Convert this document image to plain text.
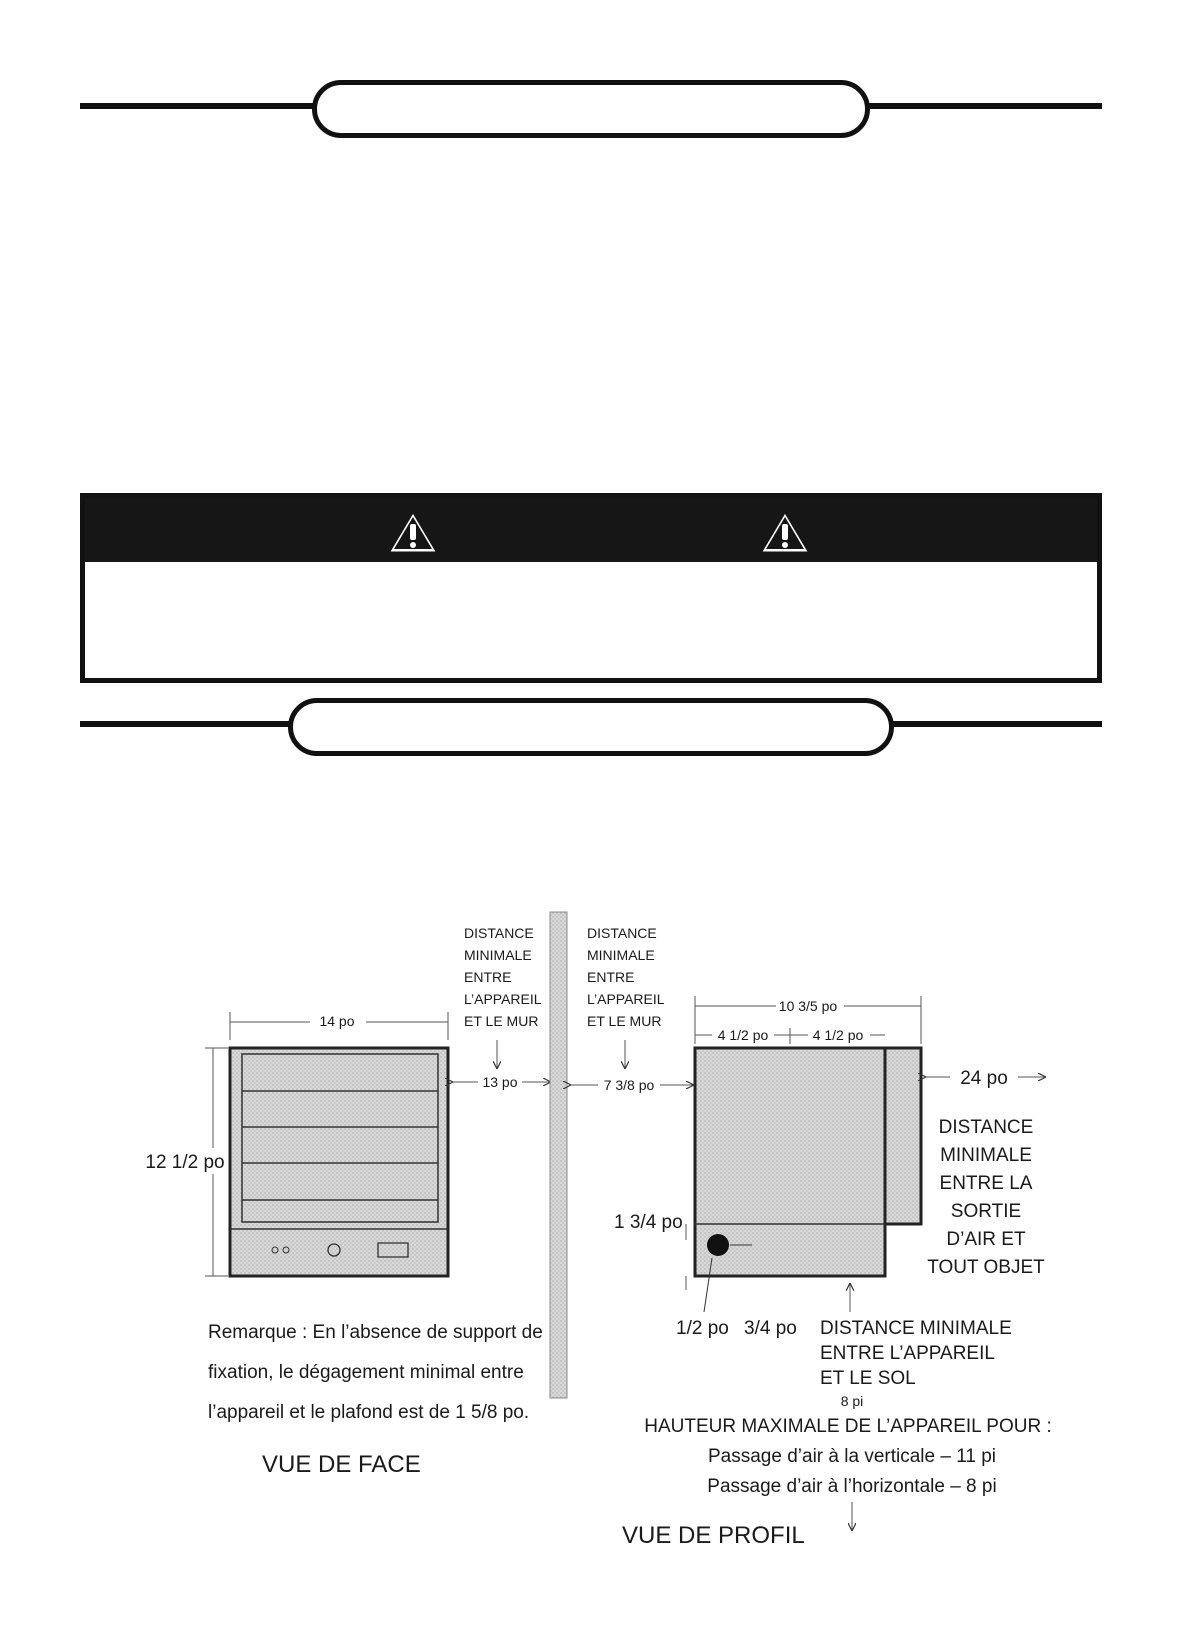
14 po
12 1/2 po
13 po
Remarque : En l’absence de support de
fixation, le dégagement minimal entre
l’appareil et le plafond est de 1 5/8 po.
VUE DE FACE
DISTANCE
MINIMALE
ENTRE
L’APPAREIL
ET LE MUR
DISTANCE
MINIMALE
ENTRE
L’APPAREIL
ET LE MUR
7 3/8 po
10 3/5 po
4 1/2 po	4 1/2 po
24 po
DISTANCE
MINIMALE
ENTRE LA
SORTIE
D’AIR ET
TOUT OBJET
1 3/4 po
1/2 po 3/4 po DISTANCE MINIMALE
ENTRE L’APPAREIL
ET LE SOL
8 pi
HAUTEUR MAXIMALE DE L’APPAREIL POUR :
Passage d’air à la verticale – 11 pi
Passage d’air à l’horizontale – 8 pi
VUE DE PROFIL
